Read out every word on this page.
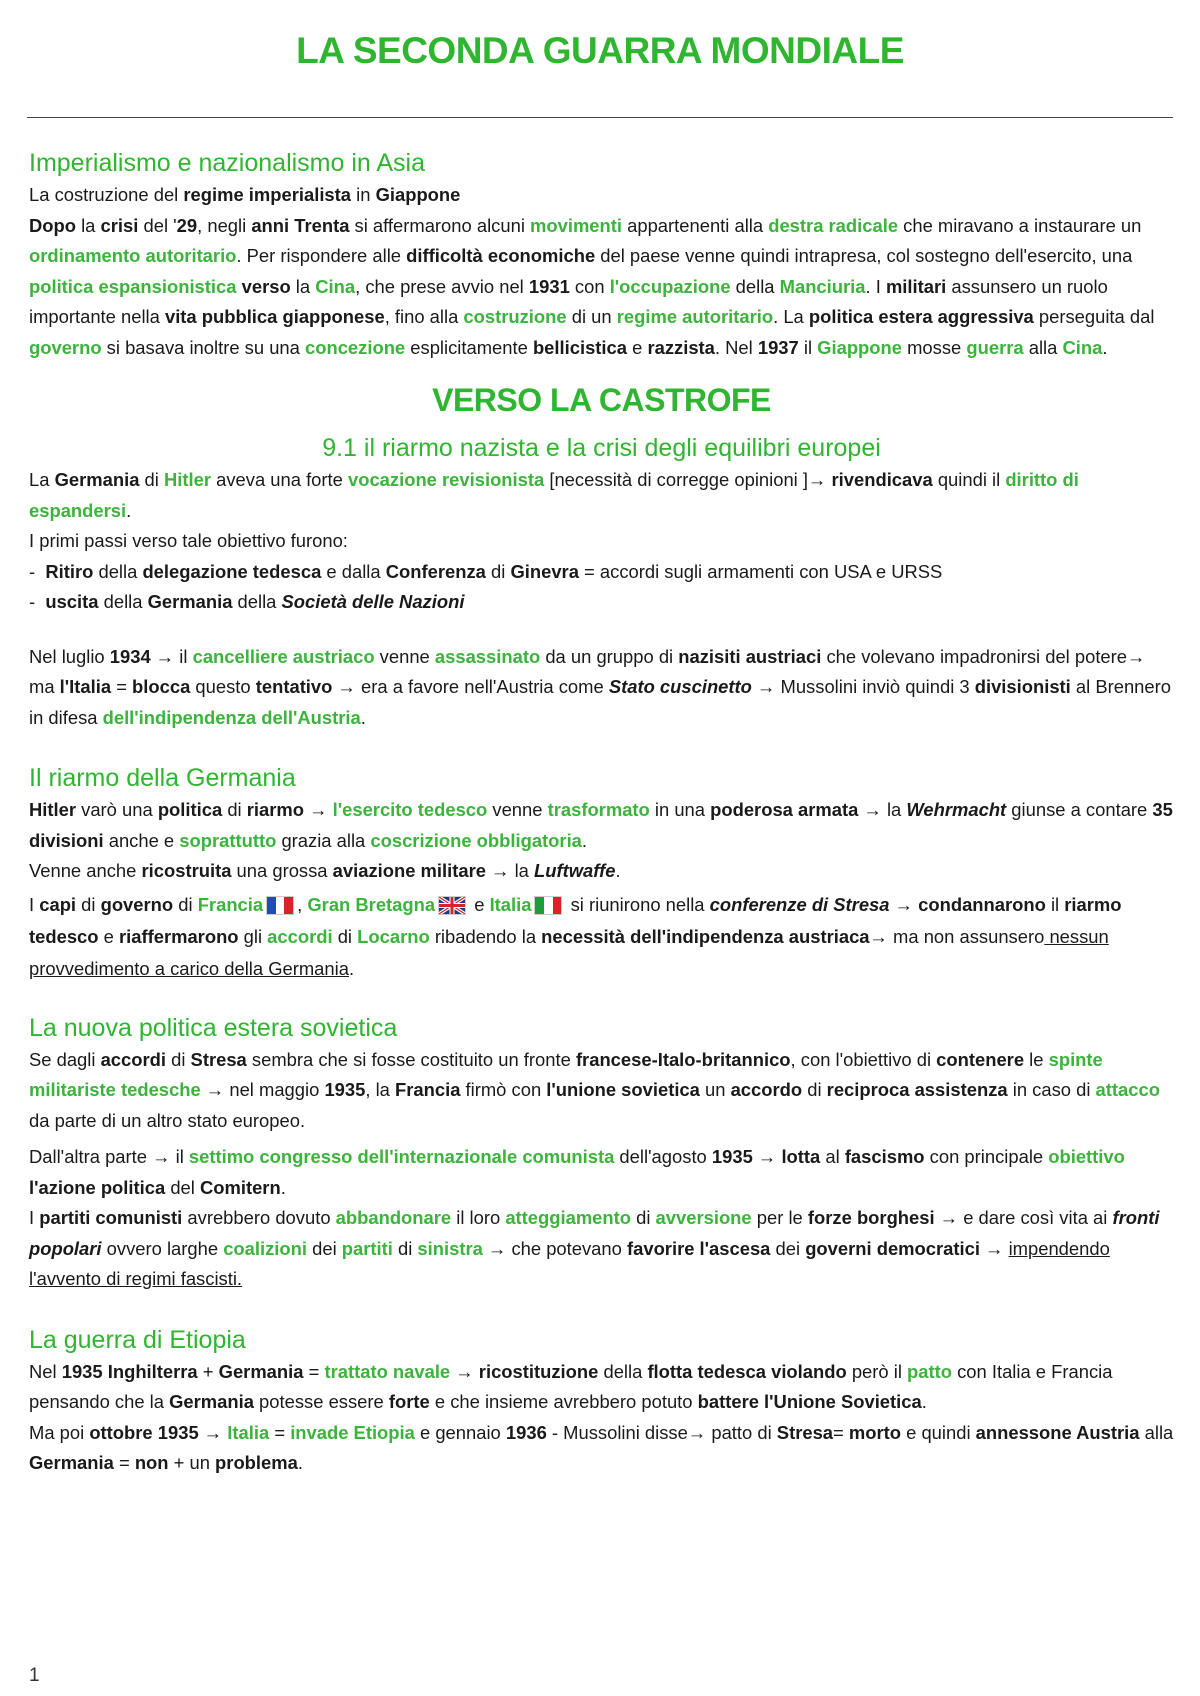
LA SECONDA GUARRA MONDIALE
Imperialismo e nazionalismo in Asia

La costruzione del regime imperialista in Giappone

Dopo la crisi del '29, negli anni Trenta si affermarono alcuni movimenti appartenenti alla destra radicale che miravano a instaurare un ordinamento autoritario. Per rispondere alle difficoltà economiche del paese venne quindi intrapresa, col sostegno dell'esercito, una politica espansionistica verso la Cina, che prese avvio nel 1931 con l'occupazione della Manciuria. I militari assunsero un ruolo importante nella vita pubblica giapponese, fino alla costruzione di un regime autoritario. La politica estera aggressiva perseguita dal governo si basava inoltre su una concezione esplicitamente bellicistica e razzista. Nel 1937 il Giappone mosse guerra alla Cina.

VERSO LA CASTROFE
9.1 il riarmo nazista e la crisi degli equilibri europei

La Germania di Hitler aveva una forte vocazione revisionista [necessità di corregge opinioni ]→ rivendicava quindi il diritto di espandersi.

I primi passi verso tale obiettivo furono:

-  Ritiro della delegazione tedesca e dalla Conferenza di Ginevra = accordi sugli armamenti con USA e URSS

-  uscita della Germania della Società delle Nazioni

Nel luglio 1934 → il cancelliere austriaco venne assassinato da un gruppo di nazisiti austriaci che volevano impadronirsi del potere→ ma l'Italia = blocca questo tentativo → era a favore nell'Austria come Stato cuscinetto → Mussolini inviò quindi 3 divisionisti al Brennero in difesa dell'indipendenza dell'Austria.

Il riarmo della Germania

Hitler varò una politica di riarmo → l'esercito tedesco venne trasformato in una poderosa armata → la Wehrmacht giunse a contare 35 divisioni anche e soprattutto grazia alla coscrizione obbligatoria.

Venne anche ricostruita una grossa aviazione militare → la Luftwaffe.

I capi di governo di Francia , Gran Bretagna
e Italia si riunirono nella conferenze di Stresa → condannarono il riarmo tedesco e riaffermarono gli accordi di Locarno ribadendo la necessità dell'indipendenza austriaca→ ma non assunsero nessun provvedimento a carico della Germania.

La nuova politica estera sovietica

Se dagli accordi di Stresa sembra che si fosse costituito un fronte francese-Italo-britannico, con l'obiettivo di contenere le spinte militariste tedesche → nel maggio 1935, la Francia firmò con l'unione sovietica un accordo di reciproca assistenza in caso di attacco da parte di un altro stato europeo.

Dall'altra parte → il settimo congresso dell'internazionale comunista dell'agosto 1935 → lotta al fascismo con principale obiettivo l'azione politica del Comitern.

I partiti comunisti avrebbero dovuto abbandonare il loro atteggiamento di avversione per le forze borghesi → e dare così vita ai fronti popolari ovvero larghe coalizioni dei partiti di sinistra → che potevano favorire l'ascesa dei governi democratici → impendendo l'avvento di regimi fascisti.

La guerra di Etiopia

Nel 1935 Inghilterra + Germania = trattato navale → ricostituzione della flotta tedesca violando però il patto con Italia e Francia pensando che la Germania potesse essere forte e che insieme avrebbero potuto battere l'Unione Sovietica.

Ma poi ottobre 1935 → Italia = invade Etiopia e gennaio 1936 - Mussolini disse→ patto di Stresa= morto e quindi annessone Austria alla Germania = non + un problema.

1
